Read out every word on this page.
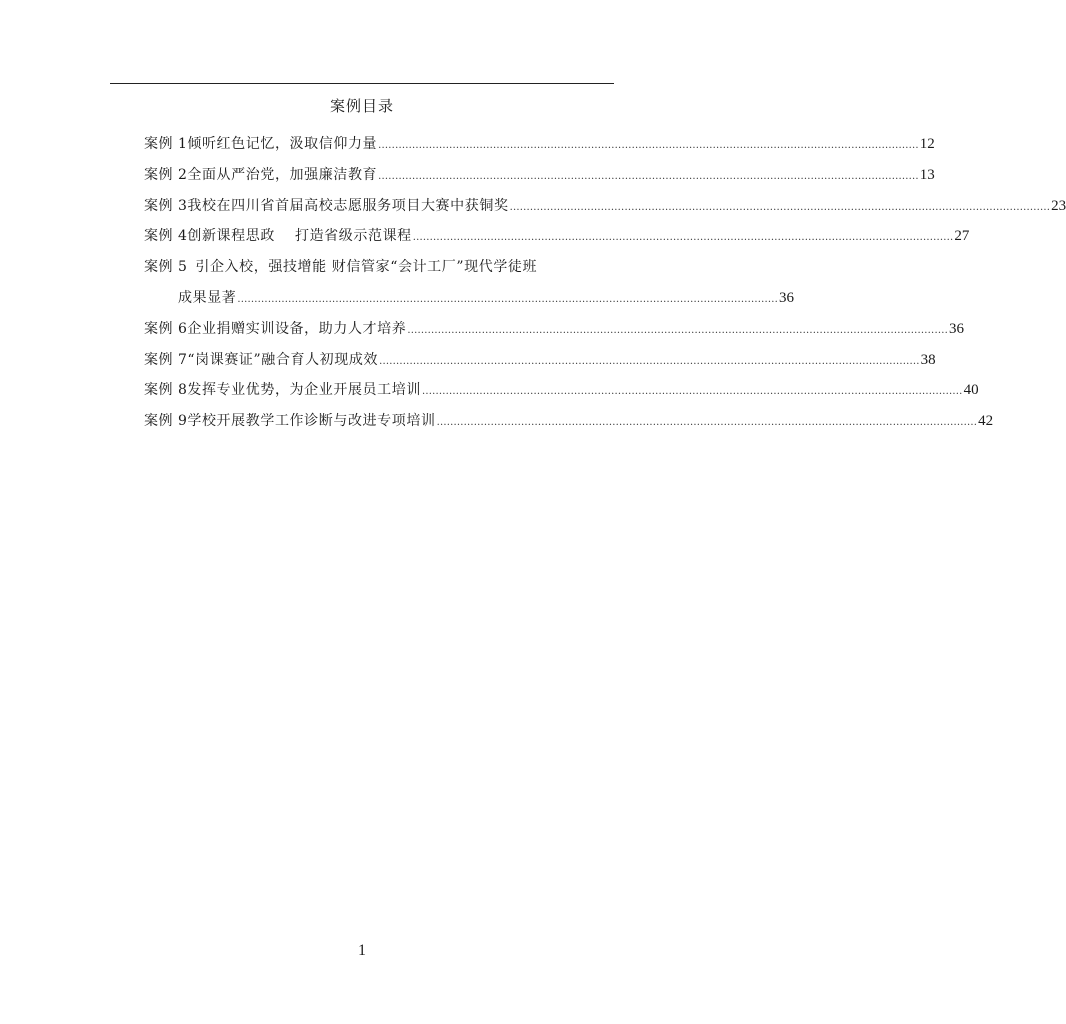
案例目录
案例 1 倾听红色记忆，汲取信仰力量 ................................................................................................................................................................ 12
案例 2 全面从严治党，加强廉洁教育 ................................................................................................................................................................ 13
案例 3 我校在四川省首届高校志愿服务项目大赛中获铜奖 ................................................................................................................................................................ 23
案例 4 创新课程思政 打造省级示范课程 ................................................................................................................................................................ 27
案例 5 引企入校，强技增能 财信管家“会计工厂”现代学徒班
成果显著 ................................................................................................................................................................ 36
案例 6 企业捐赠实训设备，助力人才培养 ................................................................................................................................................................ 36
案例 7 “岗课赛证”融合育人初现成效 ................................................................................................................................................................ 38
案例 8 发挥专业优势，为企业开展员工培训 ................................................................................................................................................................ 40
案例 9 学校开展教学工作诊断与改进专项培训 ................................................................................................................................................................ 42
1
